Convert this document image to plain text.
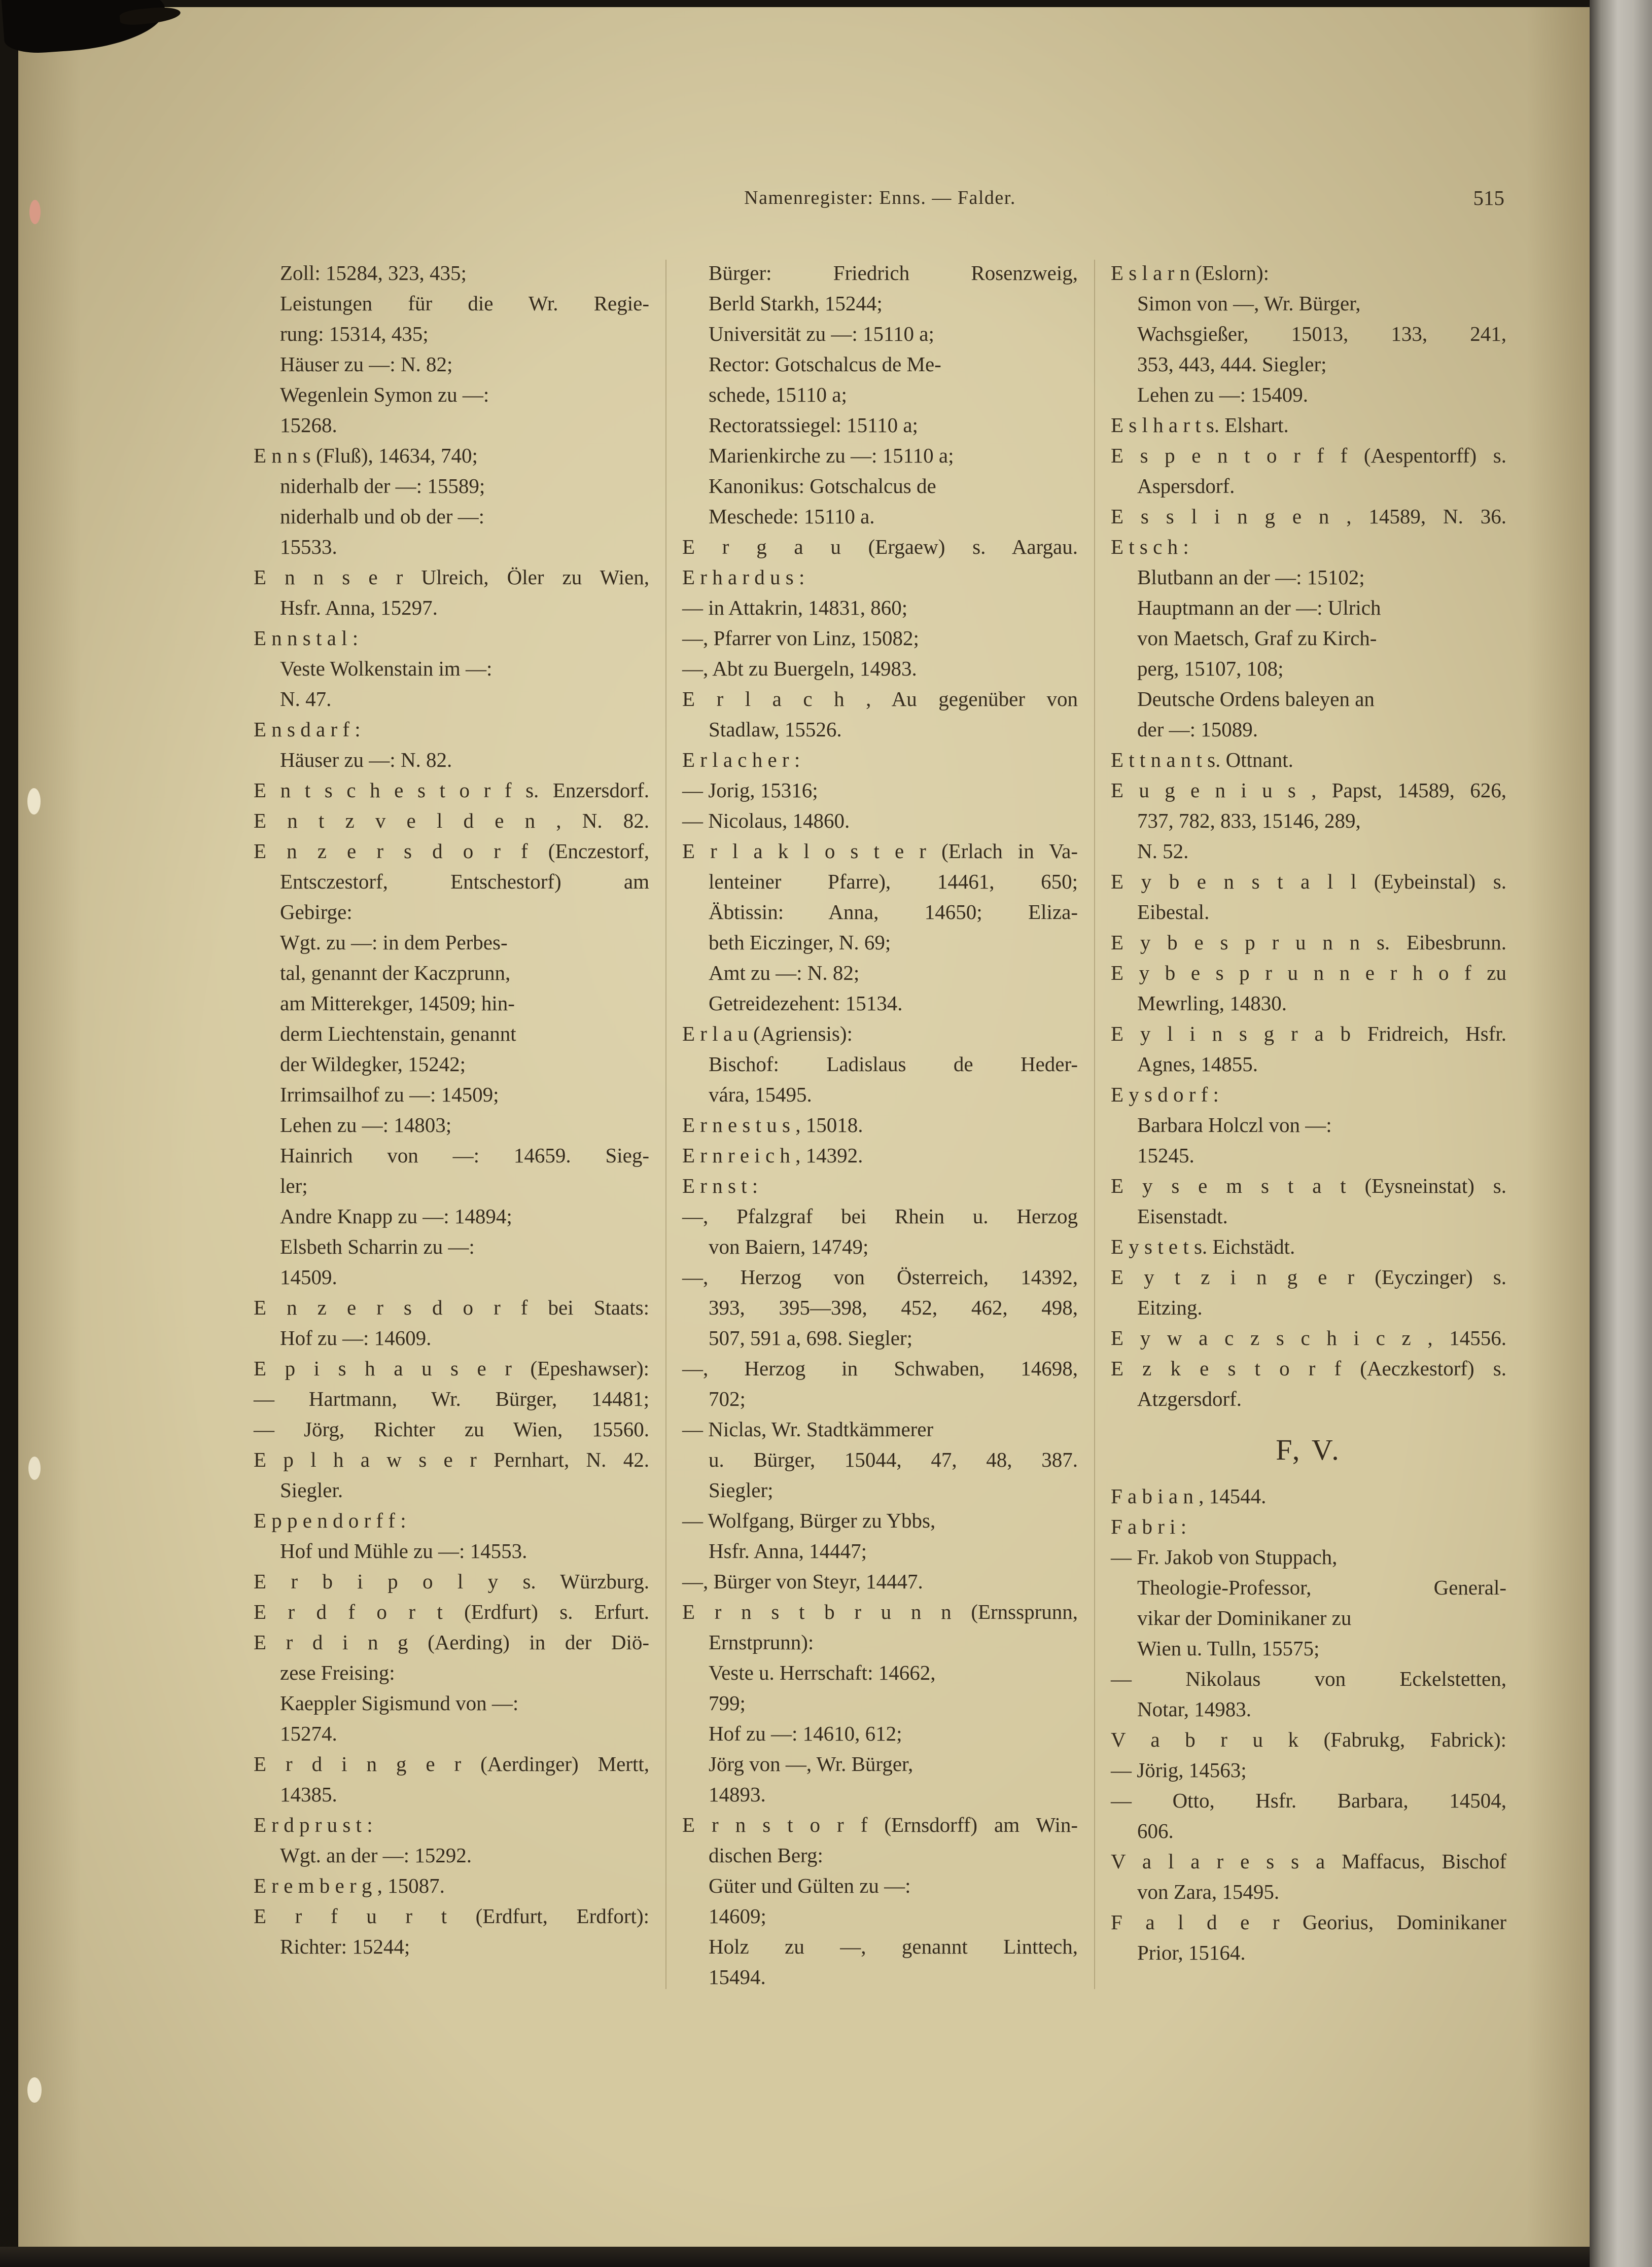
Namenregister: Enns. — Falder.	515
Zoll: 15284, 323, 435;
Leistungen für die Wr. Regie-
rung: 15314, 435;
Häuser zu —: N. 82;
Wegenlein Symon zu —:
15268.
E n n s (Fluß), 14634, 740;
niderhalb der —: 15589;
niderhalb und ob der —:
15533.
E n n s e r Ulreich, Öler zu Wien,
Hsfr. Anna, 15297.
E n n s t a l :
Veste Wolkenstain im —:
N. 47.
E n s d a r f :
Häuser zu —: N. 82.
E n t s c h e s t o r f s. Enzersdorf.
E n t z v e l d e n , N. 82.
E n z e r s d o r f (Enczestorf,
Entsczestorf, Entschestorf) am
Gebirge:
Wgt. zu —: in dem Perbes-
tal, genannt der Kaczprunn,
am Mitterekger, 14509; hin-
derm Liechtenstain, genannt
der Wildegker, 15242;
Irrimsailhof zu —: 14509;
Lehen zu —: 14803;
Hainrich von —: 14659. Sieg-
ler;
Andre Knapp zu —: 14894;
Elsbeth Scharrin zu —:
14509.
E n z e r s d o r f bei Staats:
Hof zu —: 14609.
E p i s h a u s e r (Epeshawser):
— Hartmann, Wr. Bürger, 14481;
— Jörg, Richter zu Wien, 15560.
E p l h a w s e r Pernhart, N. 42.
Siegler.
E p p e n d o r f f :
Hof und Mühle zu —: 14553.
E r b i p o l y s. Würzburg.
E r d f o r t (Erdfurt) s. Erfurt.
E r d i n g (Aerding) in der Diö-
zese Freising:
Kaeppler Sigismund von —:
15274.
E r d i n g e r (Aerdinger) Mertt,
14385.
E r d p r u s t :
Wgt. an der —: 15292.
E r e m b e r g , 15087.
E r f u r t (Erdfurt, Erdfort):
Richter: 15244;
Bürger: Friedrich Rosenzweig,
Berld Starkh, 15244;
Universität zu —: 15110 a;
Rector: Gotschalcus de Me-
schede, 15110 a;
Rectoratssiegel: 15110 a;
Marienkirche zu —: 15110 a;
Kanonikus: Gotschalcus de
Meschede: 15110 a.
E r g a u (Ergaew) s. Aargau.
E r h a r d u s :
— in Attakrin, 14831, 860;
—, Pfarrer von Linz, 15082;
—, Abt zu Buergeln, 14983.
E r l a c h , Au gegenüber von
Stadlaw, 15526.
E r l a c h e r :
— Jorig, 15316;
— Nicolaus, 14860.
E r l a k l o s t e r (Erlach in Va-
lenteiner Pfarre), 14461, 650;
Äbtissin: Anna, 14650; Eliza-
beth Eiczinger, N. 69;
Amt zu —: N. 82;
Getreidezehent: 15134.
E r l a u (Agriensis):
Bischof: Ladislaus de Heder-
vára, 15495.
E r n e s t u s , 15018.
E r n r e i c h , 14392.
E r n s t :
—, Pfalzgraf bei Rhein u. Herzog
von Baiern, 14749;
—, Herzog von Österreich, 14392,
393, 395—398, 452, 462, 498,
507, 591 a, 698. Siegler;
—, Herzog in Schwaben, 14698,
702;
— Niclas, Wr. Stadtkämmerer
u. Bürger, 15044, 47, 48, 387.
Siegler;
— Wolfgang, Bürger zu Ybbs,
Hsfr. Anna, 14447;
—, Bürger von Steyr, 14447.
E r n s t b r u n n (Ernssprunn,
Ernstprunn):
Veste u. Herrschaft: 14662,
799;
Hof zu —: 14610, 612;
Jörg von —, Wr. Bürger,
14893.
E r n s t o r f (Ernsdorff) am Win-
dischen Berg:
Güter und Gülten zu —:
14609;
Holz zu —, genannt Linttech,
15494.
E s l a r n (Eslorn):
Simon von —, Wr. Bürger,
Wachsgießer, 15013, 133, 241,
353, 443, 444. Siegler;
Lehen zu —: 15409.
E s l h a r t s. Elshart.
E s p e n t o r f f (Aespentorff) s.
Aspersdorf.
E s s l i n g e n , 14589, N. 36.
E t s c h :
Blutbann an der —: 15102;
Hauptmann an der —: Ulrich
von Maetsch, Graf zu Kirch-
perg, 15107, 108;
Deutsche Ordens baleyen an
der —: 15089.
E t t n a n t s. Ottnant.
E u g e n i u s , Papst, 14589, 626,
737, 782, 833, 15146, 289,
N. 52.
E y b e n s t a l l (Eybeinstal) s.
Eibestal.
E y b e s p r u n n s. Eibesbrunn.
E y b e s p r u n n e r h o f zu
Mewrling, 14830.
E y l i n s g r a b Fridreich, Hsfr.
Agnes, 14855.
E y s d o r f :
Barbara Holczl von —:
15245.
E y s e m s t a t (Eysneinstat) s.
Eisenstadt.
E y s t e t s. Eichstädt.
E y t z i n g e r (Eyczinger) s.
Eitzing.
E y w a c z s c h i c z , 14556.
E z k e s t o r f (Aeczkestorf) s.
Atzgersdorf.
F, V.
F a b i a n , 14544.
F a b r i :
— Fr. Jakob von Stuppach,
Theologie-Professor, General-
vikar der Dominikaner zu
Wien u. Tulln, 15575;
— Nikolaus von Eckelstetten,
Notar, 14983.
V a b r u k (Fabrukg, Fabrick):
— Jörig, 14563;
— Otto, Hsfr. Barbara, 14504,
606.
V a l a r e s s a Maffacus, Bischof
von Zara, 15495.
F a l d e r Georius, Dominikaner
Prior, 15164.
